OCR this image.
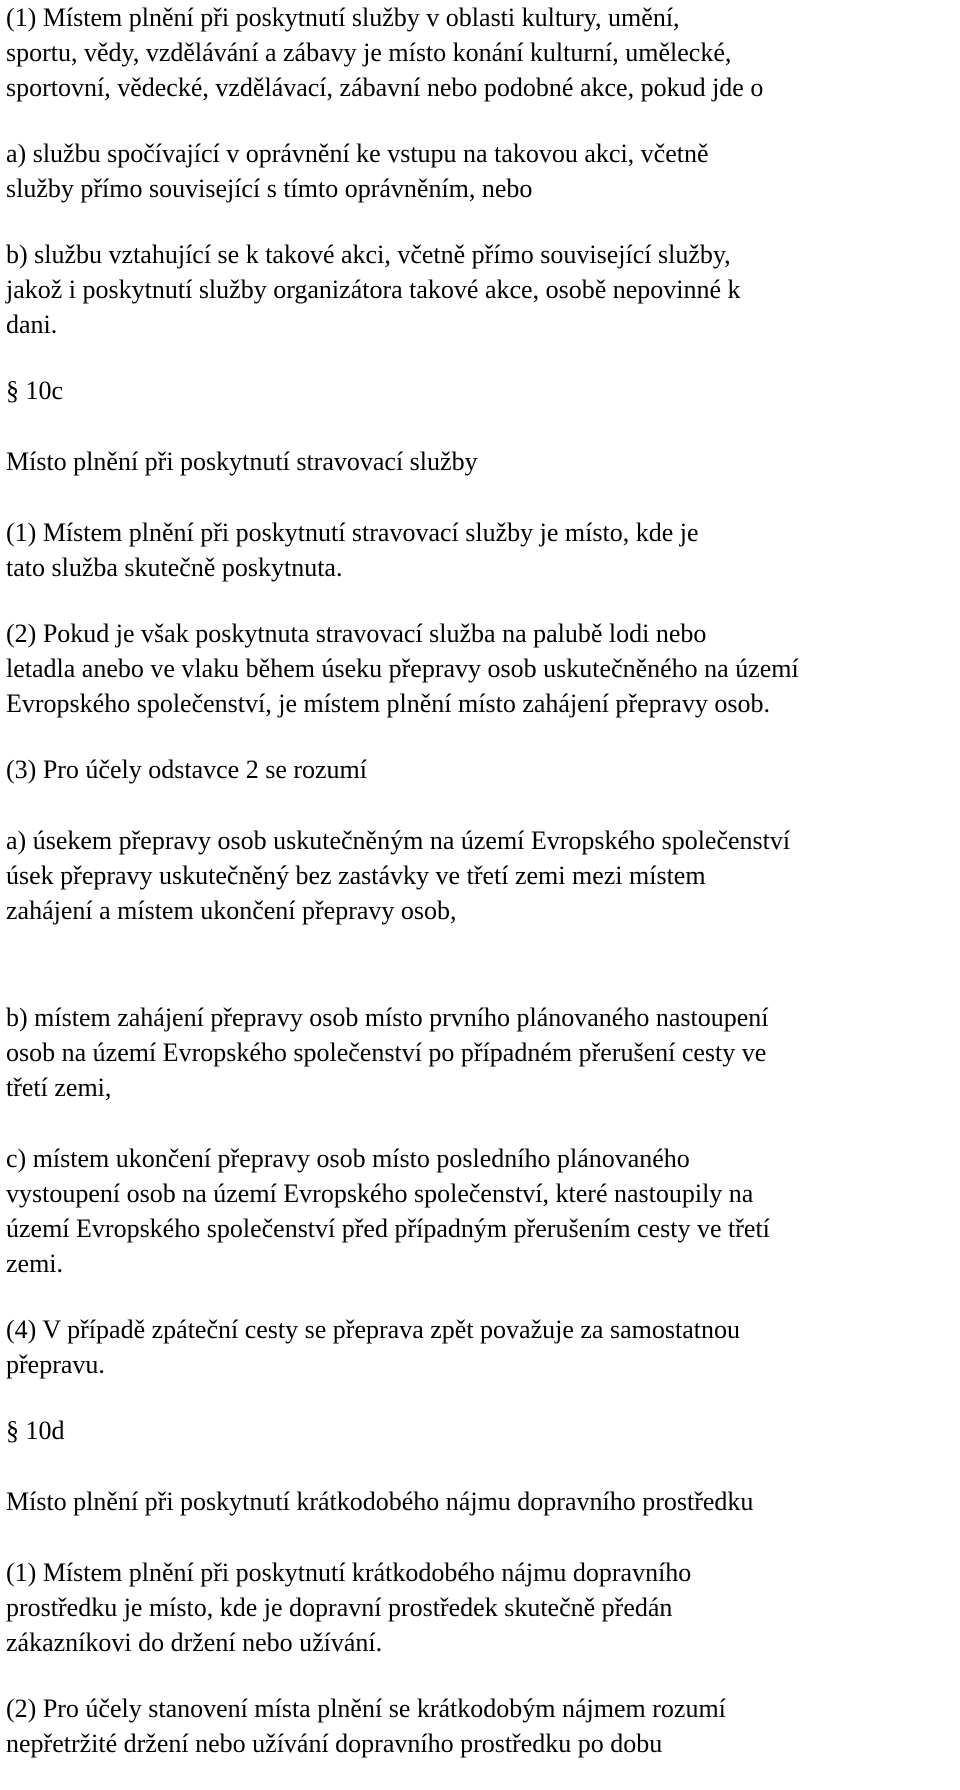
(1) Místem plnění při poskytnutí služby v oblasti kultury, umění,

sportu, vědy, vzdělávání a zábavy je místo konání kulturní, umělecké,

sportovní, vědecké, vzdělávací, zábavní nebo podobné akce, pokud jde o

a) službu spočívající v oprávnění ke vstupu na takovou akci, včetně

služby přímo související s tímto oprávněním, nebo

b) službu vztahující se k takové akci, včetně přímo související služby,

jakož i poskytnutí služby organizátora takové akce, osobě nepovinné k

dani.

§ 10c

Místo plnění při poskytnutí stravovací služby

(1) Místem plnění při poskytnutí stravovací služby je místo, kde je

tato služba skutečně poskytnuta.

(2) Pokud je však poskytnuta stravovací služba na palubě lodi nebo

letadla anebo ve vlaku během úseku přepravy osob uskutečněného na území

Evropského společenství, je místem plnění místo zahájení přepravy osob.

(3) Pro účely odstavce 2 se rozumí

a) úsekem přepravy osob uskutečněným na území Evropského společenství

úsek přepravy uskutečněný bez zastávky ve třetí zemi mezi místem

zahájení a místem ukončení přepravy osob,

b) místem zahájení přepravy osob místo prvního plánovaného nastoupení

osob na území Evropského společenství po případném přerušení cesty ve

třetí zemi,

c) místem ukončení přepravy osob místo posledního plánovaného

vystoupení osob na území Evropského společenství, které nastoupily na

území Evropského společenství před případným přerušením cesty ve třetí

zemi.

(4) V případě zpáteční cesty se přeprava zpět považuje za samostatnou

přepravu.

§ 10d

Místo plnění při poskytnutí krátkodobého nájmu dopravního prostředku

(1) Místem plnění při poskytnutí krátkodobého nájmu dopravního

prostředku je místo, kde je dopravní prostředek skutečně předán

zákazníkovi do držení nebo užívání.

(2) Pro účely stanovení místa plnění se krátkodobým nájmem rozumí

nepřetržité držení nebo užívání dopravního prostředku po dobu
